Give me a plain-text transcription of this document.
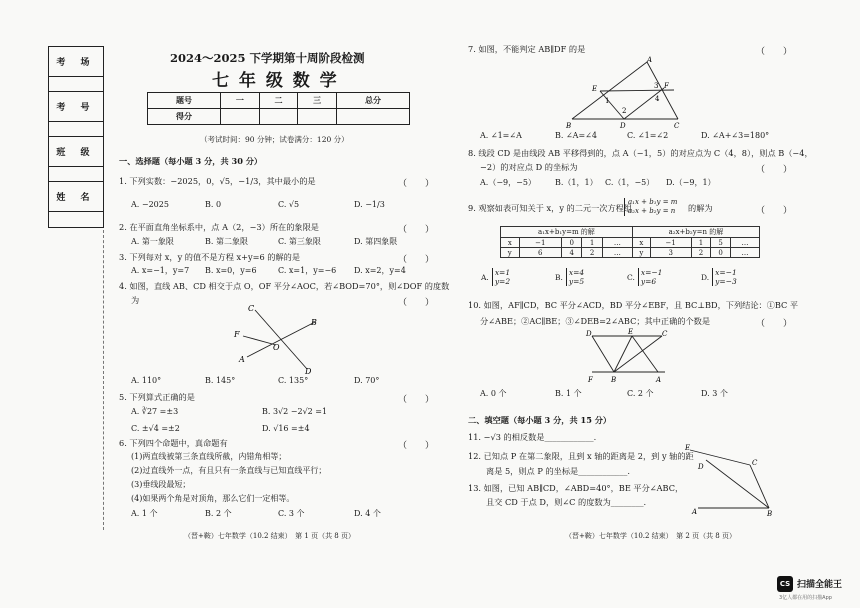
考 场
考 号
班 级
姓 名
2024～2025 下学期第十周阶段检测
七 年 级 数 学
题号	一	二	三	总分
得分				
（考试时间：90 分钟；试卷满分：120 分）
一、选择题（每小题 3 分，共 30 分）
1. 下列实数：−2025，0，√5，−1/3，其中最小的是	（　　）
A. −2025	B. 0	C. √5	D. −1/3
2. 在平面直角坐标系中，点 A（2，−3）所在的象限是	（　　）
A. 第一象限	B. 第二象限	C. 第三象限	D. 第四象限
3. 下列每对 x，y 的值不是方程 x+y=6 的解的是	（　　）
A. x=−1，y=7 B. x=0，y=6	C. x=1，y=−6 D. x=2，y=4
4. 如图，直线 AB、CD 相交于点 O，OF 平分∠AOC，若∠BOD=70°，则∠DOF 的度数
为	（　　）
C
B
F
O
A
D
A. 110°	B. 145°	C. 135°	D. 70°
5. 下列算式正确的是	（　　）
A. ∛27 =±3	B. 3√2 −2√2 =1
C. ±√4 =±2	D. √16 =±4
6. 下列四个命题中，真命题有	（　　）
(1)两直线被第三条直线所截，内错角相等；
(2)过直线外一点，有且只有一条直线与已知直线平行；
(3)垂线段最短；
(4)如果两个角是对顶角，那么它们一定相等。
A. 1 个	B. 2 个	C. 3 个	D. 4 个
（晋+鞍）七年数学（10.2 结束）　第 1 页（共 8 页）
7. 如图，不能判定 AB∥DF 的是	（　　）
A
E	F
1
2
3
4
B	D	C
A. ∠1=∠A	B. ∠A=∠4	C. ∠1=∠2	D. ∠A+∠3=180°
8. 线段 CD 是由线段 AB 平移得到的，点 A（−1，5）的对应点为 C（4，8），则点 B（−4，
−2）的对应点 D 的坐标为	（　　）
A.（−9，−5） B.（1，1） C.（1，−5） D.（−9，1）
9. 观察如表可知关于 x，y 的二元一次方程组
a₁x + b₁y = m
a₂x + b₂y = n 的解为	（　　）
a₁x+b₁y=m 的解					a₂x+b₂y=n 的解				
x	−1	0	1	…	x	−1	1	5	…
y	6	4	2	…	y	3	2	0	…
A. x=1
y=2	B. x=4
y=5	C. x=−1
y=6	D. x=−1
y=−3
10. 如图，AF∥CD，BC 平分∠ACD，BD 平分∠EBF，且 BC⊥BD，下列结论：①BC 平
分∠ABE；②AC∥BE；③∠DEB=2∠ABC；其中正确的个数是	（　　）
D	E	C
F	B	A
A. 0 个	B. 1 个	C. 2 个	D. 3 个
二、填空题（每小题 3 分，共 15 分）
11. −√3 的相反数是____________.
12. 已知点 P 在第二象限，且到 x 轴的距离是 2，到 y 轴的距
离是 5，则点 P 的坐标是____________.
13. 如图，已知 AB∥CD，∠ABD=40°，BE 平分∠ABC，
且交 CD 于点 D，则∠C 的度数为________.
E
C
D
A	B
（晋+鞍）七年数学（10.2 结束）　第 2 页（共 8 页）
CS 扫描全能王
3亿人都在用的扫描App
